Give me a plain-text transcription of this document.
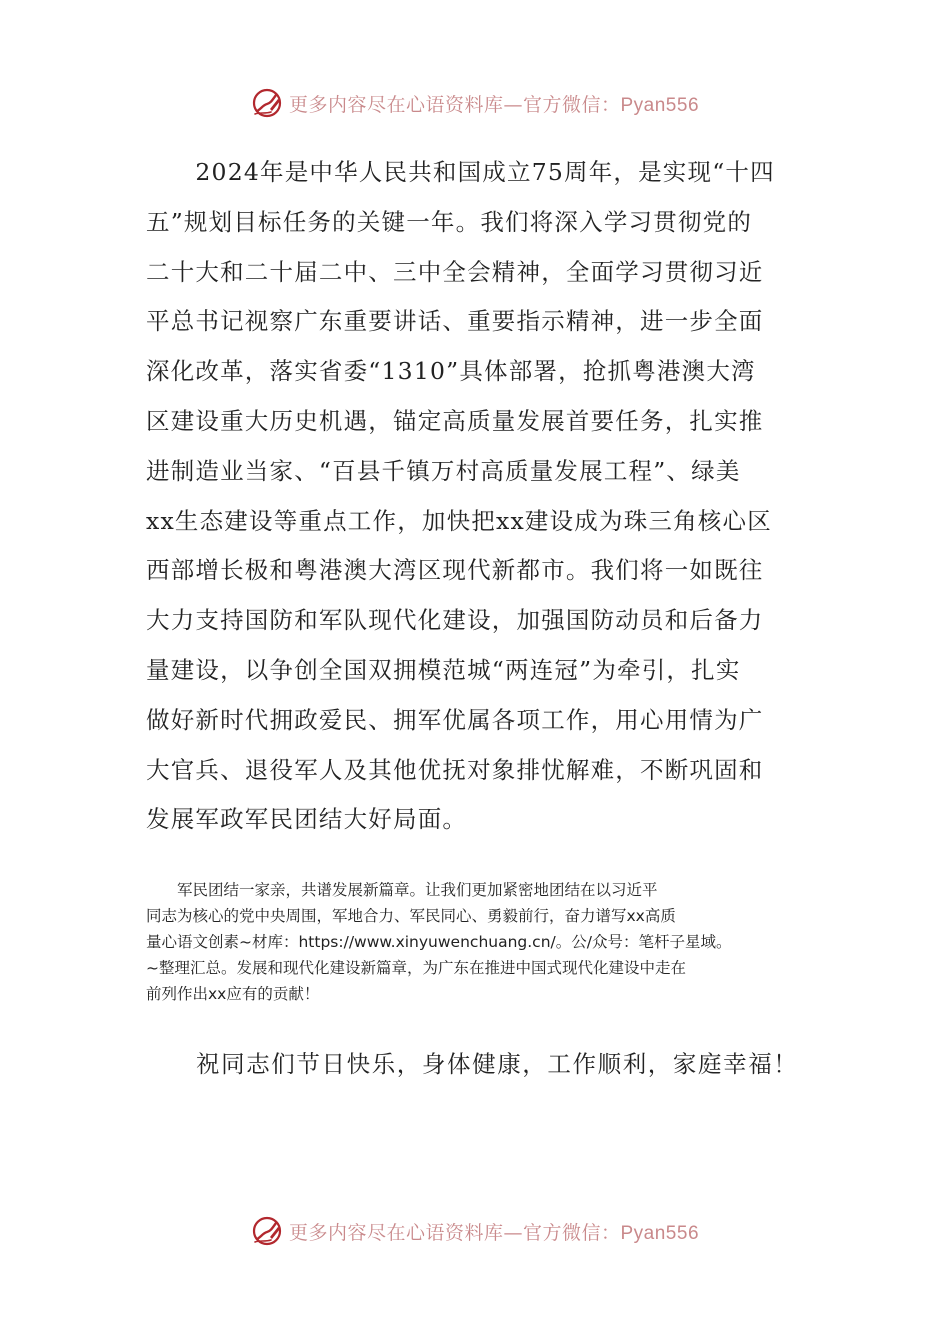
更多内容尽在心语资料库—官方微信：Pyan556
　　2024年是中华人民共和国成立75周年，是实现“十四
五”规划目标任务的关键一年。我们将深入学习贯彻党的
二十大和二十届二中、三中全会精神，全面学习贯彻习近
平总书记视察广东重要讲话、重要指示精神，进一步全面
深化改革，落实省委“1310”具体部署，抢抓粤港澳大湾
区建设重大历史机遇，锚定高质量发展首要任务，扎实推
进制造业当家、“百县千镇万村高质量发展工程”、绿美
xx生态建设等重点工作，加快把xx建设成为珠三角核心区
西部增长极和粤港澳大湾区现代新都市。我们将一如既往
大力支持国防和军队现代化建设，加强国防动员和后备力
量建设，以争创全国双拥模范城“两连冠”为牵引，扎实
做好新时代拥政爱民、拥军优属各项工作，用心用情为广
大官兵、退役军人及其他优抚对象排忧解难，不断巩固和
发展军政军民团结大好局面。
　　军民团结一家亲，共谱发展新篇章。让我们更加紧密地团结在以习近平
同志为核心的党中央周围，军地合力、军民同心、勇毅前行，奋力谱写xx高质
量心语文创素~材库：https://www.xinyuwenchuang.cn/。公/众号：笔杆子星域。
~整理汇总。发展和现代化建设新篇章，为广东在推进中国式现代化建设中走在
前列作出xx应有的贡献！
祝同志们节日快乐，身体健康，工作顺利，家庭幸福！
更多内容尽在心语资料库—官方微信：Pyan556
